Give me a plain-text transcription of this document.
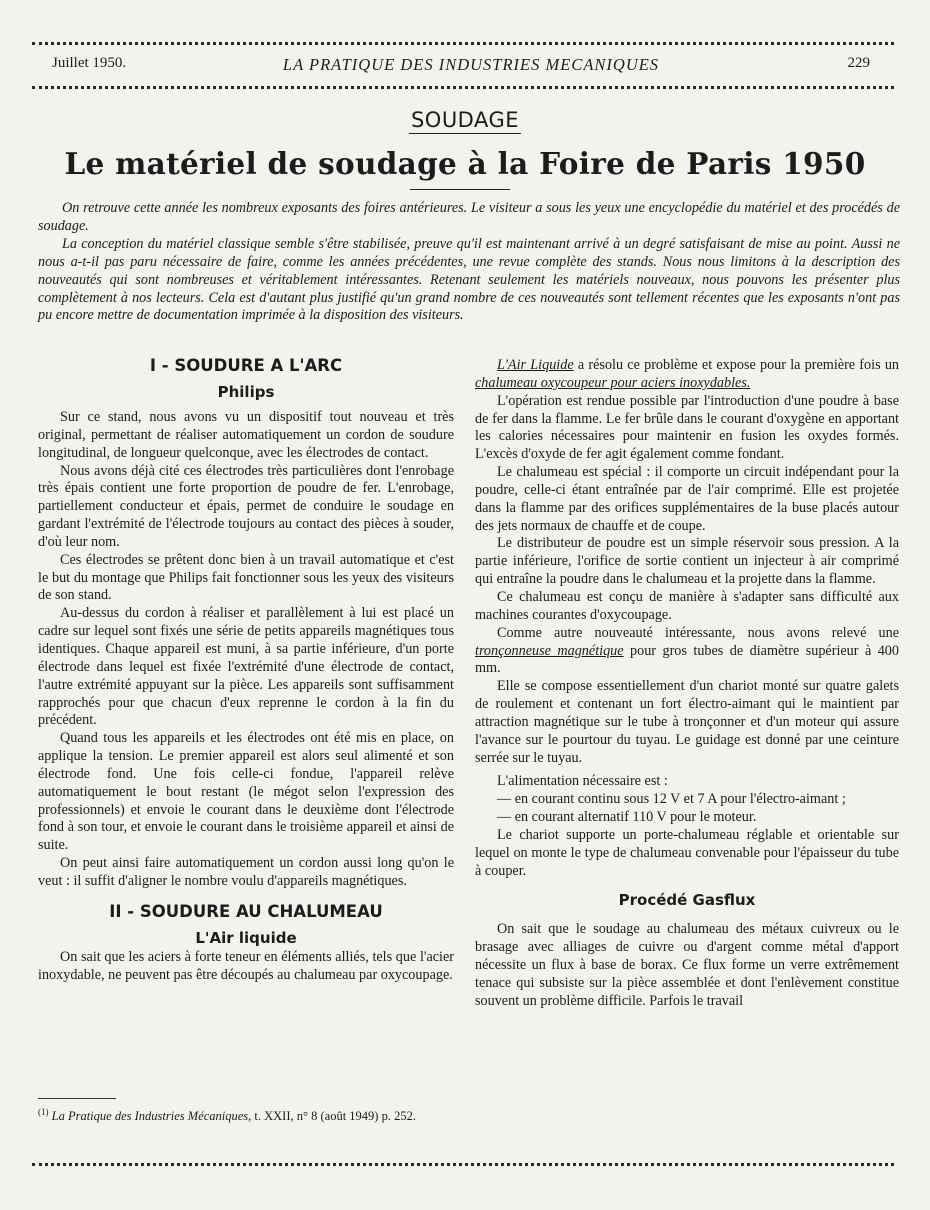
Juillet 1950.	LA PRATIQUE DES INDUSTRIES MECANIQUES	229
SOUDAGE
Le matériel de soudage à la Foire de Paris 1950

On retrouve cette année les nombreux exposants des foires antérieures. Le visiteur a sous les yeux une encyclopédie du matériel et des procédés de soudage.

La conception du matériel classique semble s'être stabilisée, preuve qu'il est maintenant arrivé à un degré satisfaisant de mise au point. Aussi ne nous a-t-il pas paru nécessaire de faire, comme les années précédentes, une revue complète des stands. Nous nous limitons à la description des nouveautés qui sont nombreuses et véritablement intéressantes. Retenant seulement les matériels nouveaux, nous pouvons les présenter plus complètement à nos lecteurs. Cela est d'autant plus justifié qu'un grand nombre de ces nouveautés sont tellement récentes que les exposants n'ont pas pu encore mettre de documentation imprimée à la disposition des visiteurs.

I - SOUDURE A L'ARC
Philips

Sur ce stand, nous avons vu un dispositif tout nouveau et très original, permettant de réaliser automatiquement un cordon de soudure longitudinal, de longueur quelconque, avec les électrodes de contact.

Nous avons déjà cité ces électrodes très particulières dont l'enrobage très épais contient une forte proportion de poudre de fer. L'enrobage, partiellement conducteur et épais, permet de conduire le soudage en gardant l'extrémité de l'électrode toujours au contact des pièces à souder, d'où leur nom.

Ces électrodes se prêtent donc bien à un travail automatique et c'est le but du montage que Philips fait fonctionner sous les yeux des visiteurs de son stand.

Au-dessus du cordon à réaliser et parallèlement à lui est placé un cadre sur lequel sont fixés une série de petits appareils magnétiques tous identiques. Chaque appareil est muni, à sa partie inférieure, d'un porte électrode dans lequel est fixée l'extrémité d'une électrode de contact, l'autre extrémité appuyant sur la pièce. Les appareils sont suffisamment rapprochés pour que chacun d'eux reprenne le cordon à la fin du précédent.

Quand tous les appareils et les électrodes ont été mis en place, on applique la tension. Le premier appareil est alors seul alimenté et son électrode fond. Une fois celle-ci fondue, l'appareil relève automatiquement le bout restant (le mégot selon l'expression des professionnels) et envoie le courant dans le deuxième dont l'électrode fond à son tour, et envoie le courant dans le troisième appareil et ainsi de suite.

On peut ainsi faire automatiquement un cordon aussi long qu'on le veut : il suffit d'aligner le nombre voulu d'appareils magnétiques.

II - SOUDURE AU CHALUMEAU
L'Air liquide

On sait que les aciers à forte teneur en éléments alliés, tels que l'acier inoxydable, ne peuvent pas être découpés au chalumeau par oxycoupage.

$^{(1)}$ La Pratique des Industries Mécaniques, t. XXII, n° 8 (août 1949) p. 252.

L'Air Liquide a résolu ce problème et expose pour la première fois un chalumeau oxycoupeur pour aciers inoxydables.

L'opération est rendue possible par l'introduction d'une poudre à base de fer dans la flamme. Le fer brûle dans le courant d'oxygène en apportant les calories nécessaires pour maintenir en fusion les oxydes formés. L'excès d'oxyde de fer agit également comme fondant.

Le chalumeau est spécial : il comporte un circuit indépendant pour la poudre, celle-ci étant entraînée par de l'air comprimé. Elle est projetée dans la flamme par des orifices supplémentaires de la buse placés autour des jets normaux de chauffe et de coupe.

Le distributeur de poudre est un simple réservoir sous pression. A la partie inférieure, l'orifice de sortie contient un injecteur à air comprimé qui entraîne la poudre dans le chalumeau et la projette dans la flamme.

Ce chalumeau est conçu de manière à s'adapter sans difficulté aux machines courantes d'oxycoupage.

Comme autre nouveauté intéressante, nous avons relevé une tronçonneuse magnétique pour gros tubes de diamètre supérieur à 400 mm.

Elle se compose essentiellement d'un chariot monté sur quatre galets de roulement et contenant un fort électro-aimant qui le maintient par attraction magnétique sur le tube à tronçonner et d'un moteur qui assure l'avance sur le pourtour du tuyau. Le guidage est donné par une ceinture serrée sur le tuyau.

L'alimentation nécessaire est :

— en courant continu sous 12 V et 7 A pour l'électro-aimant ;

— en courant alternatif 110 V pour le moteur.

Le chariot supporte un porte-chalumeau réglable et orientable sur lequel on monte le type de chalumeau convenable pour l'épaisseur du tube à couper.

Procédé Gasflux

On sait que le soudage au chalumeau des métaux cuivreux ou le brasage avec alliages de cuivre ou d'argent comme métal d'apport nécessite un flux à base de borax. Ce flux forme un verre extrêmement tenace qui subsiste sur la pièce assemblée et dont l'enlèvement constitue souvent un problème difficile. Parfois le travail
